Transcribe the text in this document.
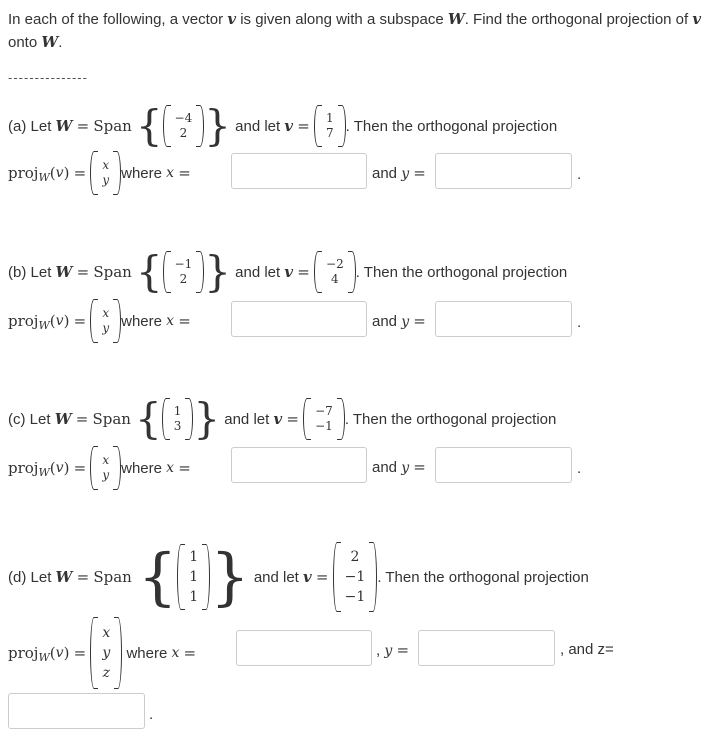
In each of the following, a vector v is given along with a subspace W. Find the orthogonal projection of v onto W.
---------------
(a)
Let
W
=
Span { −4
2 }
and let
v
=
1
7 . Then the orthogonal projection
proj W ( v )
=
x
y where
x
=	and y =	.
(b)
Let
W
=
Span { −1
2 }
and let
v
=
−2
4 . Then the orthogonal projection
proj W ( v )
=
x
y where
x
=	and y =	.
(c)
Let
W
=
Span { 1
3 }
and let
v
=
−7
−1 . Then the orthogonal projection
proj W ( v )
=
x
y where
x
=	and y =	.
(d)
Let
W
=
Span { 1
1
1 }
and let
v
=

2
−1
−1
. Then the orthogonal projection
proj W ( v )
=

x
y
z

where
x
=	, y =	, and z=
.
